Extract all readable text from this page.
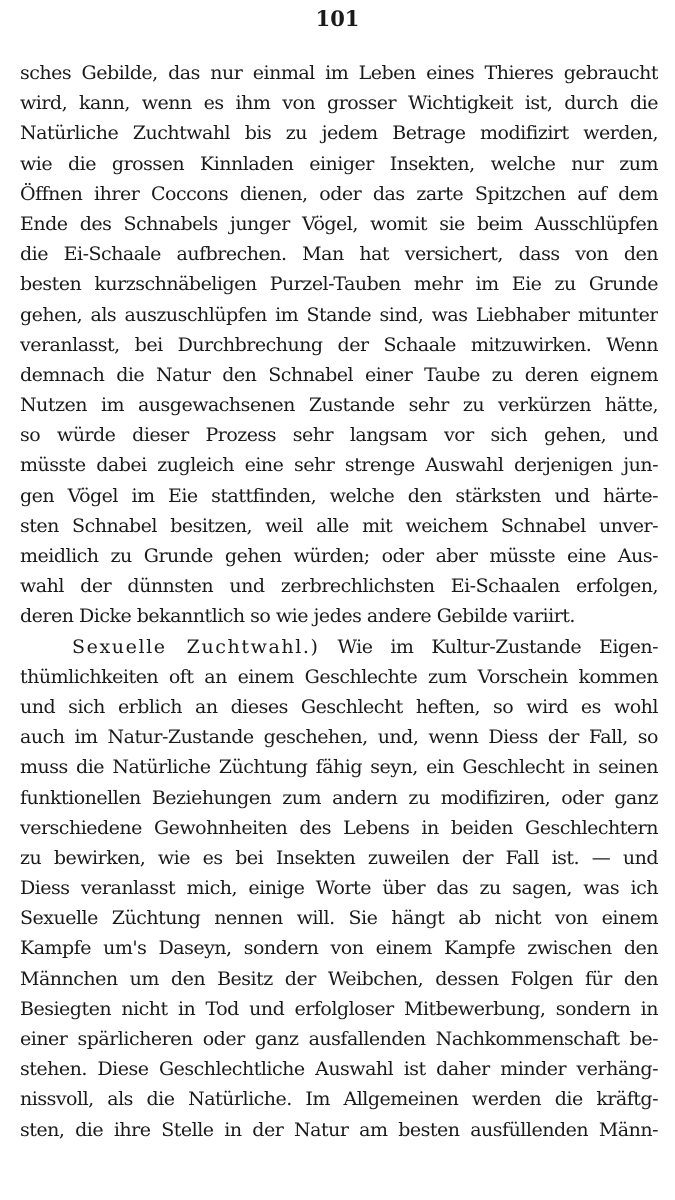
101
sches Gebilde, das nur einmal im Leben eines Thieres gebraucht
wird, kann, wenn es ihm von grosser Wichtigkeit ist, durch die
Natürliche Zuchtwahl bis zu jedem Betrage modifizirt werden,
wie die grossen Kinnladen einiger Insekten, welche nur zum
Öffnen ihrer Coccons dienen, oder das zarte Spitzchen auf dem
Ende des Schnabels junger Vögel, womit sie beim Ausschlüpfen
die Ei-Schaale aufbrechen. Man hat versichert, dass von den
besten kurzschnäbeligen Purzel-Tauben mehr im Eie zu Grunde
gehen, als auszuschlüpfen im Stande sind, was Liebhaber mitunter
veranlasst, bei Durchbrechung der Schaale mitzuwirken. Wenn
demnach die Natur den Schnabel einer Taube zu deren eignem
Nutzen im ausgewachsenen Zustande sehr zu verkürzen hätte,
so würde dieser Prozess sehr langsam vor sich gehen, und
müsste dabei zugleich eine sehr strenge Auswahl derjenigen jun-
gen Vögel im Eie stattfinden, welche den stärksten und härte-
sten Schnabel besitzen, weil alle mit weichem Schnabel unver-
meidlich zu Grunde gehen würden; oder aber müsste eine Aus-
wahl der dünnsten und zerbrechlichsten Ei-Schaalen erfolgen,
deren Dicke bekanntlich so wie jedes andere Gebilde variirt.
Sexuelle Zuchtwahl.) Wie im Kultur-Zustande Eigen-
thümlichkeiten oft an einem Geschlechte zum Vorschein kommen
und sich erblich an dieses Geschlecht heften, so wird es wohl
auch im Natur-Zustande geschehen, und, wenn Diess der Fall, so
muss die Natürliche Züchtung fähig seyn, ein Geschlecht in seinen
funktionellen Beziehungen zum andern zu modifiziren, oder ganz
verschiedene Gewohnheiten des Lebens in beiden Geschlechtern
zu bewirken, wie es bei Insekten zuweilen der Fall ist. — und
Diess veranlasst mich, einige Worte über das zu sagen, was ich
Sexuelle Züchtung nennen will. Sie hängt ab nicht von einem
Kampfe um's Daseyn, sondern von einem Kampfe zwischen den
Männchen um den Besitz der Weibchen, dessen Folgen für den
Besiegten nicht in Tod und erfolgloser Mitbewerbung, sondern in
einer spärlicheren oder ganz ausfallenden Nachkommenschaft be-
stehen. Diese Geschlechtliche Auswahl ist daher minder verhäng-
nissvoll, als die Natürliche. Im Allgemeinen werden die kräftg-
sten, die ihre Stelle in der Natur am besten ausfüllenden Männ-
